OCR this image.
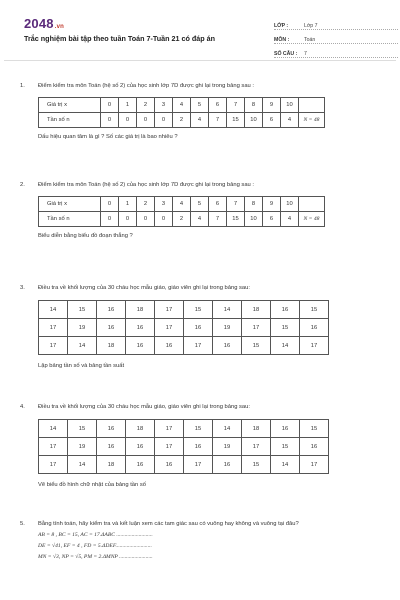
2048.vn
Trắc nghiệm bài tập theo tuần Toán 7-Tuần 21 có đáp án
LỚP :	Lớp 7
MÔN :	Toán
SỐ CÂU :	7
1.	Điểm kiểm tra môn Toán (hệ số 2) của học sinh lớp 7D được ghi lại trong bảng sau :
Giá trị x	0	1	2	3	4	5	6	7	8	9	10	
Tần số n	0	0	0	0	2	4	7	15	10	6	4	N = 48
Dấu hiệu quan tâm là gì ? Số các giá trị là bao nhiêu ?
2.	Điểm kiểm tra môn Toán (hệ số 2) của học sinh lớp 7D được ghi lại trong bảng sau :
Giá trị x	0	1	2	3	4	5	6	7	8	9	10	
Tần số n	0	0	0	0	2	4	7	15	10	6	4	N = 48
Biểu diễn bằng biểu đồ đoạn thẳng ?
3.	Điều tra về khối lượng của 30 cháu học mẫu giáo, giáo viên ghi lại trong bảng sau:
14	15	16	18	17	15	14	18	16	15
17	19	16	16	17	16	19	17	15	16
17	14	18	16	16	17	16	15	14	17
Lập bảng tần số và bảng tần suất
4.	Điều tra về khối lượng của 30 cháu học mẫu giáo, giáo viên ghi lại trong bảng sau:
14	15	16	18	17	15	14	18	16	15
17	19	16	16	17	16	19	17	15	16
17	14	18	16	16	17	16	15	14	17
Vẽ biểu đồ hình chữ nhật của bảng tần số
5.	Bằng tính toán, hãy kiểm tra và kết luận xem các tam giác sau có vuông hay không và vuông tại đâu?
AB = 8 , BC = 15, AC = 17.ΔABC ..........................
DE = √41, EF = 4 , FD = 5.ΔDEF..........................
MN = √3, NP = √5, PM = 2.ΔMNP ........................
